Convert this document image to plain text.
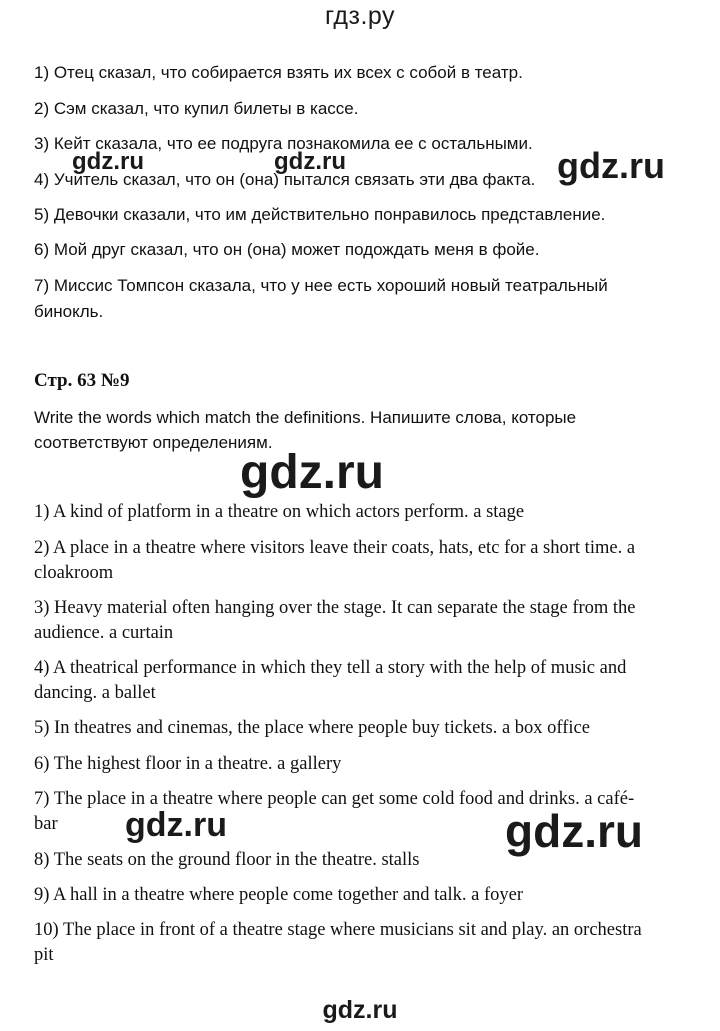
гдз.ру
1) Отец сказал, что собирается взять их всех с собой в театр.
2) Сэм сказал, что купил билеты в кассе.
3) Кейт сказала, что ее подруга познакомила ее с остальными.
4) Учитель сказал, что он (она) пытался связать эти два факта.
5) Девочки сказали, что им действительно понравилось представление.
6) Мой друг сказал, что он (она) может подождать меня в фойе.
7) Миссис Томпсон сказала, что у нее есть хороший новый театральный
бинокль.
Стр. 63 №9
Write the words which match the definitions. Напишите слова, которые
соответствуют определениям.
1) A kind of platform in a theatre on which actors perform. a stage
2) A place in a theatre where visitors leave their coats, hats, etc for a short time. a
cloakroom
3) Heavy material often hanging over the stage. It can separate the stage from the
audience. a curtain
4) A theatrical performance in which they tell a story with the help of music and
dancing. a ballet
5) In theatres and cinemas, the place where people buy tickets. a box office
6) The highest floor in a theatre. a gallery
7) The place in a theatre where people can get some cold food and drinks. a café-
bar
8) The seats on the ground floor in the theatre. stalls
9) A hall in a theatre where people come together and talk. a foyer
10) The place in front of a theatre stage where musicians sit and play. an orchestra
pit
gdz.ru	gdz.ru	gdz.ru
gdz.ru
gdz.ru	gdz.ru
gdz.ru
